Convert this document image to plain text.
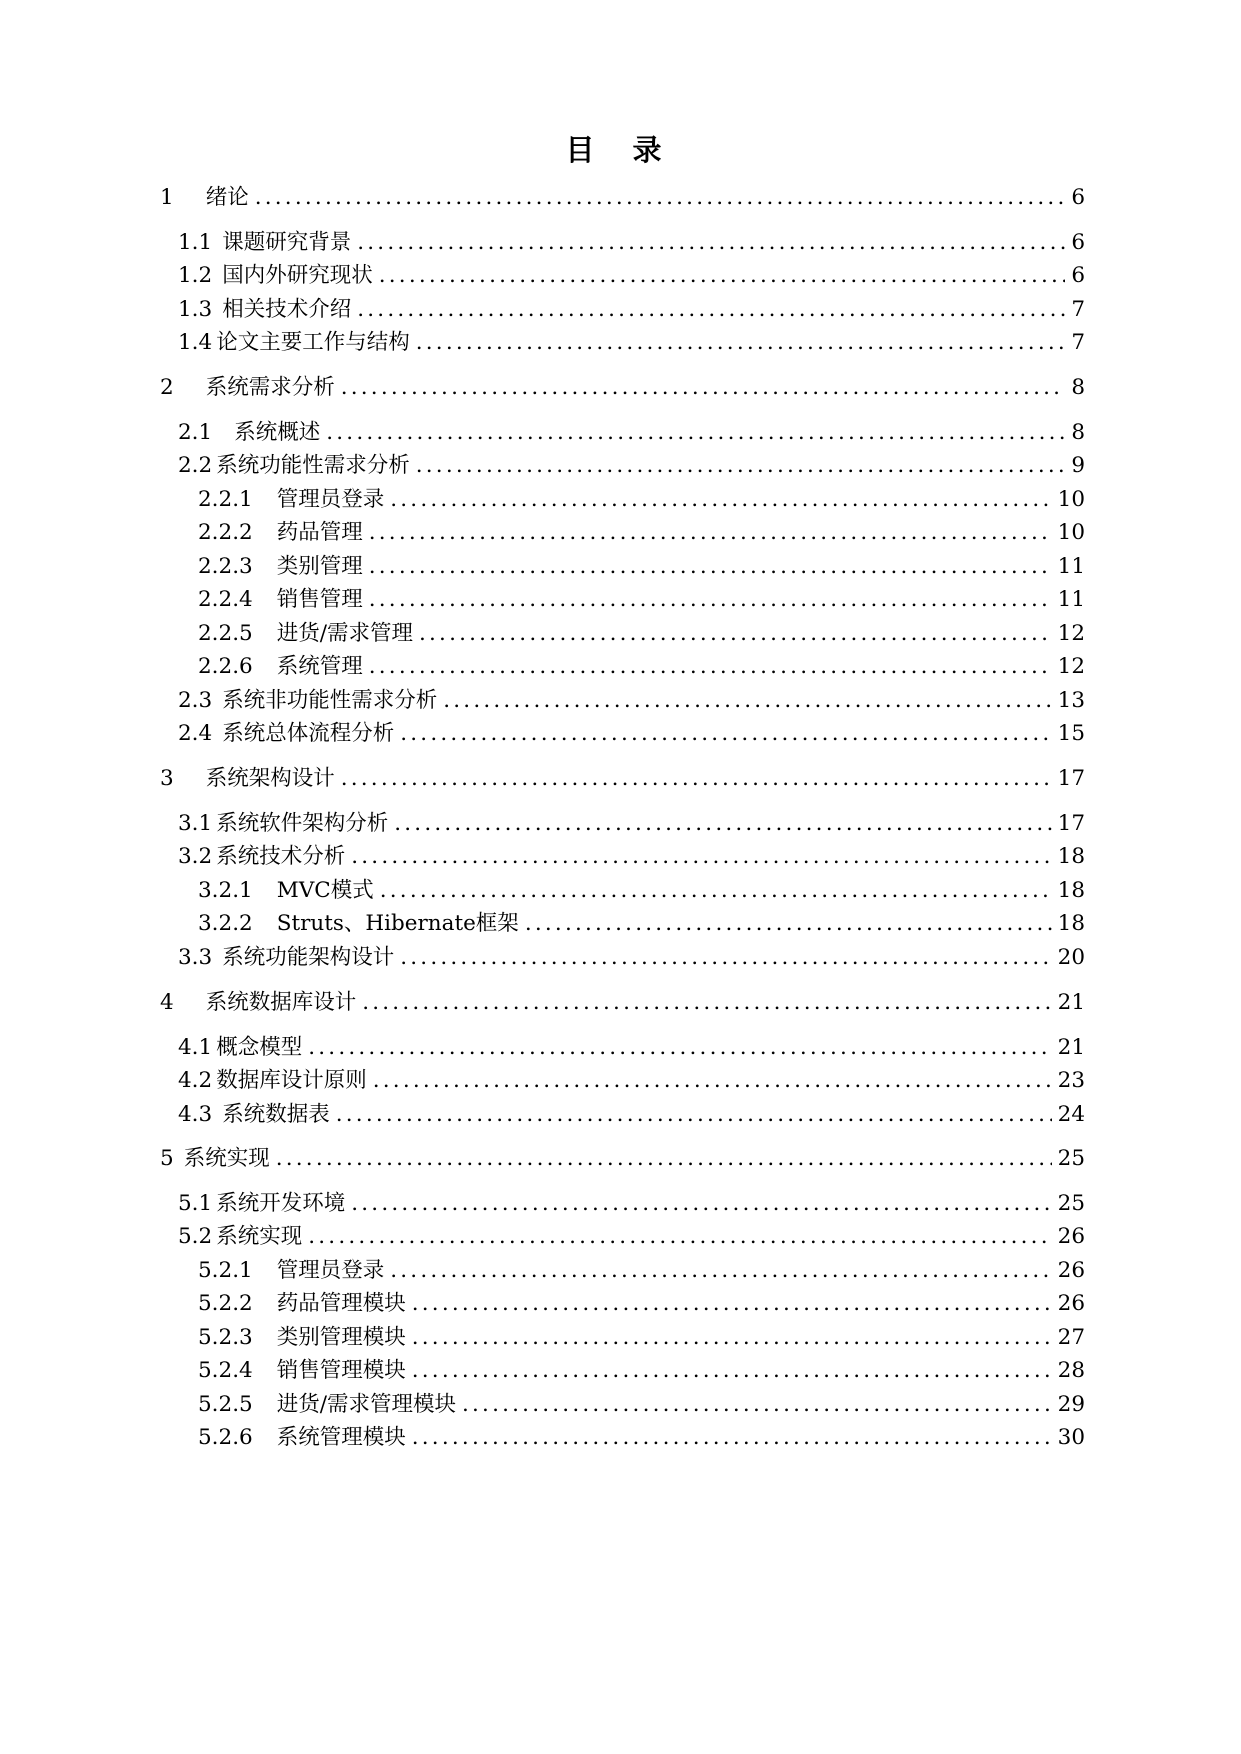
目 录
1 绪论 .....	6
1.1 课题研究背景 .....	6
1.2 国内外研究现状 .....	6
1.3 相关技术介绍 .....	7
1.4 论文主要工作与结构 .....	7
2 系统需求分析 .....	8
2.1 系统概述 .....	8
2.2 系统功能性需求分析 .....	9
2.2.1 管理员登录 .....	10
2.2.2 药品管理 .....	10
2.2.3 类别管理 .....	11
2.2.4 销售管理 .....	11
2.2.5 进货/需求管理 .....	12
2.2.6 系统管理 .....	12
2.3 系统非功能性需求分析 .....	13
2.4 系统总体流程分析 .....	15
3 系统架构设计 .....	17
3.1 系统软件架构分析 .....	17
3.2 系统技术分析 .....	18
3.2.1 MVC模式 .....	18
3.2.2 Struts、Hibernate框架 .....	18
3.3 系统功能架构设计 .....	20
4 系统数据库设计 .....	21
4.1 概念模型 .....	21
4.2 数据库设计原则 .....	23
4.3 系统数据表 .....	24
5 系统实现 .....	25
5.1 系统开发环境 .....	25
5.2 系统实现 .....	26
5.2.1 管理员登录 .....	26
5.2.2 药品管理模块 .....	26
5.2.3 类别管理模块 .....	27
5.2.4 销售管理模块 .....	28
5.2.5 进货/需求管理模块 .....	29
5.2.6 系统管理模块 .....	30
